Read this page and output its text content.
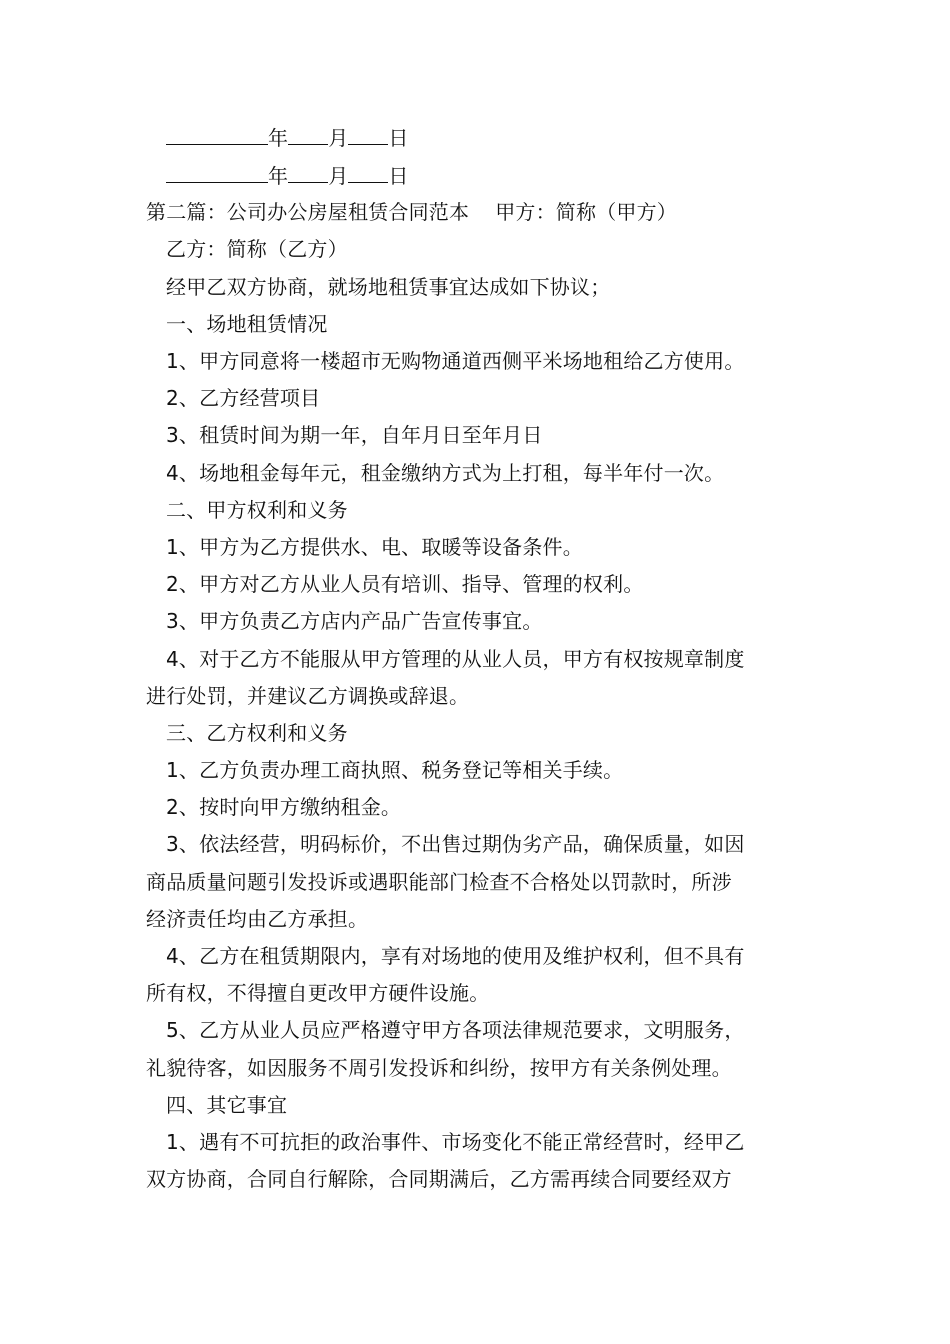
年 月 日
年 月 日
第二篇：公司办公房屋租赁合同范本 甲方：简称（甲方）
乙方：简称（乙方）
经甲乙双方协商，就场地租赁事宜达成如下协议；
一、场地租赁情况
1、甲方同意将一楼超市无购物通道西侧平米场地租给乙方使用。
2、乙方经营项目
3、租赁时间为期一年，自年月日至年月日
4、场地租金每年元，租金缴纳方式为上打租，每半年付一次。
二、甲方权利和义务
1、甲方为乙方提供水、电、取暖等设备条件。
2、甲方对乙方从业人员有培训、指导、管理的权利。
3、甲方负责乙方店内产品广告宣传事宜。
4、对于乙方不能服从甲方管理的从业人员，甲方有权按规章制度
进行处罚，并建议乙方调换或辞退。
三、乙方权利和义务
1、乙方负责办理工商执照、税务登记等相关手续。
2、按时向甲方缴纳租金。
3、依法经营，明码标价，不出售过期伪劣产品，确保质量，如因
商品质量问题引发投诉或遇职能部门检查不合格处以罚款时，所涉
经济责任均由乙方承担。
4、乙方在租赁期限内，享有对场地的使用及维护权利，但不具有
所有权，不得擅自更改甲方硬件设施。
5、乙方从业人员应严格遵守甲方各项法律规范要求，文明服务，
礼貌待客，如因服务不周引发投诉和纠纷，按甲方有关条例处理。
四、其它事宜
1、遇有不可抗拒的政治事件、市场变化不能正常经营时，经甲乙
双方协商，合同自行解除，合同期满后，乙方需再续合同要经双方
